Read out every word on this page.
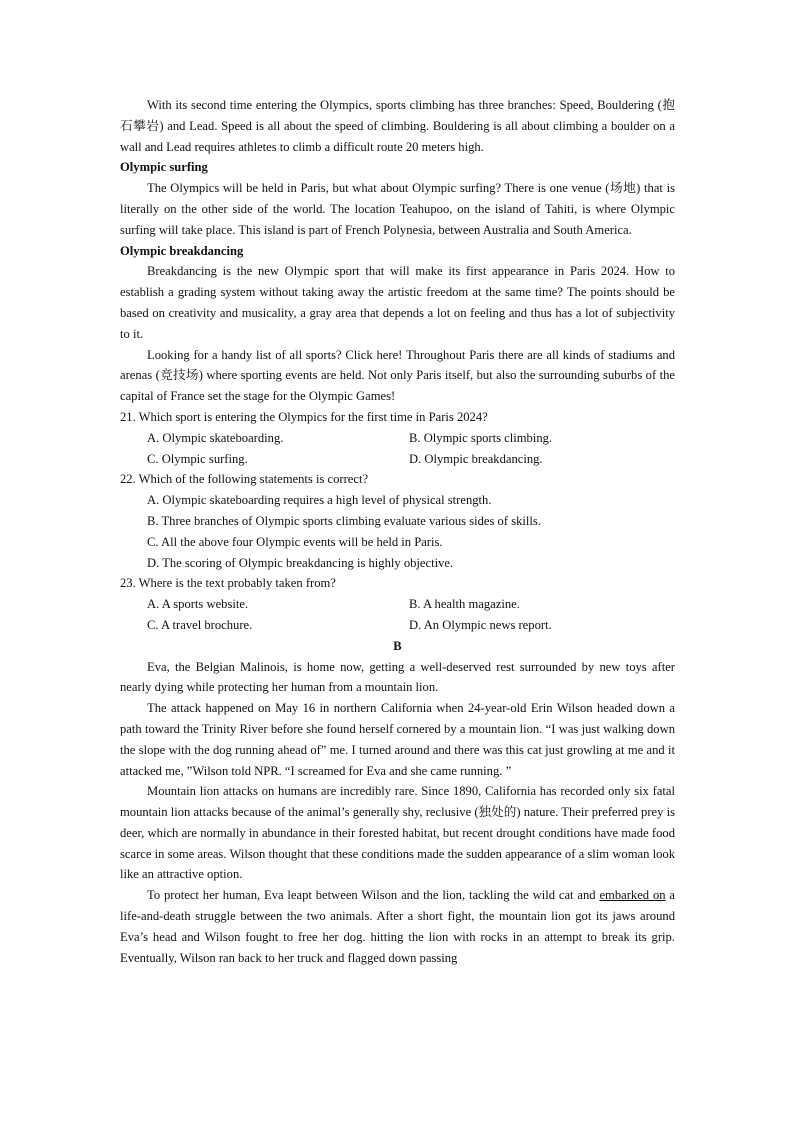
With its second time entering the Olympics, sports climbing has three branches: Speed, Bouldering (抱石攀岩) and Lead. Speed is all about the speed of climbing. Bouldering is all about climbing a boulder on a wall and Lead requires athletes to climb a difficult route 20 meters high.

Olympic surfing

The Olympics will be held in Paris, but what about Olympic surfing? There is one venue (场地) that is literally on the other side of the world. The location Teahupoo, on the island of Tahiti, is where Olympic surfing will take place. This island is part of French Polynesia, between Australia and South America.

Olympic breakdancing

Breakdancing is the new Olympic sport that will make its first appearance in Paris 2024. How to establish a grading system without taking away the artistic freedom at the same time? The points should be based on creativity and musicality, a gray area that depends a lot on feeling and thus has a lot of subjectivity to it.

Looking for a handy list of all sports? Click here! Throughout Paris there are all kinds of stadiums and arenas (竞技场) where sporting events are held. Not only Paris itself, but also the surrounding suburbs of the capital of France set the stage for the Olympic Games!

21. Which sport is entering the Olympics for the first time in Paris 2024?

A. Olympic skateboarding.	B. Olympic sports climbing.

C. Olympic surfing.	D. Olympic breakdancing.

22. Which of the following statements is correct?

A. Olympic skateboarding requires a high level of physical strength.

B. Three branches of Olympic sports climbing evaluate various sides of skills.

C. All the above four Olympic events will be held in Paris.

D. The scoring of Olympic breakdancing is highly objective.

23. Where is the text probably taken from?

A. A sports website.	B. A health magazine.

C. A travel brochure.	D. An Olympic news report.

B

Eva, the Belgian Malinois, is home now, getting a well-deserved rest surrounded by new toys after nearly dying while protecting her human from a mountain lion.

The attack happened on May 16 in northern California when 24-year-old Erin Wilson headed down a path toward the Trinity River before she found herself cornered by a mountain lion. “I was just walking down the slope with the dog running ahead of” me. I turned around and there was this cat just growling at me and it attacked me, ”Wilson told NPR. “I screamed for Eva and she came running. ”

Mountain lion attacks on humans are incredibly rare. Since 1890, California has recorded only six fatal mountain lion attacks because of the animal’s generally shy, reclusive (独处的) nature. Their preferred prey is deer, which are normally in abundance in their forested habitat, but recent drought conditions have made food scarce in some areas. Wilson thought that these conditions made the sudden appearance of a slim woman look like an attractive option.

To protect her human, Eva leapt between Wilson and the lion, tackling the wild cat and embarked on a life-and-death struggle between the two animals. After a short fight, the mountain lion got its jaws around Eva’s head and Wilson fought to free her dog. hitting the lion with rocks in an attempt to break its grip. Eventually, Wilson ran back to her truck and flagged down passing
